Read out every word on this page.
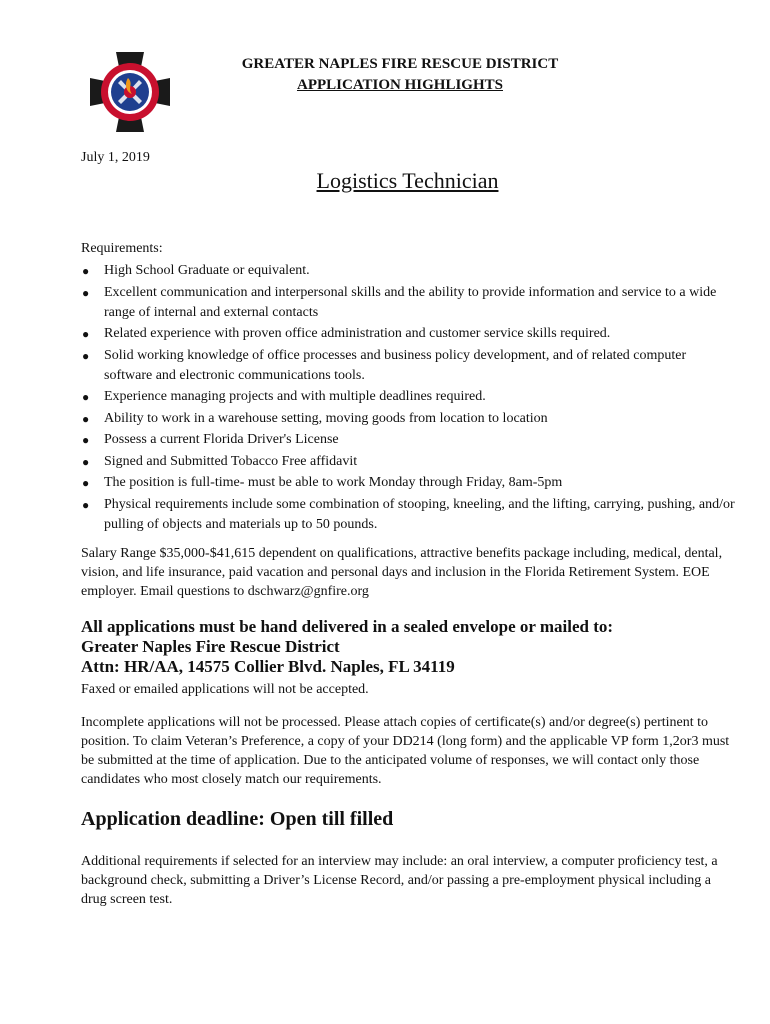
GREATER NAPLES FIRE RESCUE DISTRICT
APPLICATION HIGHLIGHTS
July 1, 2019
Logistics Technician
Requirements:
● High School Graduate or equivalent.
● Excellent communication and interpersonal skills and the ability to provide information and service to a wide range of internal and external contacts
● Related experience with proven office administration and customer service skills required.
● Solid working knowledge of office processes and business policy development, and of related computer software and electronic communications tools.
● Experience managing projects and with multiple deadlines required.
● Ability to work in a warehouse setting, moving goods from location to location
● Possess a current Florida Driver's License
● Signed and Submitted Tobacco Free affidavit
● The position is full-time- must be able to work Monday through Friday, 8am-5pm
● Physical requirements include some combination of stooping, kneeling, and the lifting, carrying, pushing, and/or pulling of objects and materials up to 50 pounds.
Salary Range $35,000-$41,615 dependent on qualifications, attractive benefits package including, medical, dental, vision, and life insurance, paid vacation and personal days and inclusion in the Florida Retirement System. EOE employer. Email questions to dschwarz@gnfire.org
All applications must be hand delivered in a sealed envelope or mailed to:
Greater Naples Fire Rescue District
Attn: HR/AA, 14575 Collier Blvd. Naples, FL 34119
Faxed or emailed applications will not be accepted.
Incomplete applications will not be processed. Please attach copies of certificate(s) and/or degree(s) pertinent to position. To claim Veteran’s Preference, a copy of your DD214 (long form) and the applicable VP form 1,2or3 must be submitted at the time of application. Due to the anticipated volume of responses, we will contact only those candidates who most closely match our requirements.
Application deadline: Open till filled
Additional requirements if selected for an interview may include: an oral interview, a computer proficiency test, a background check, submitting a Driver’s License Record, and/or passing a pre-employment physical including a drug screen test.
